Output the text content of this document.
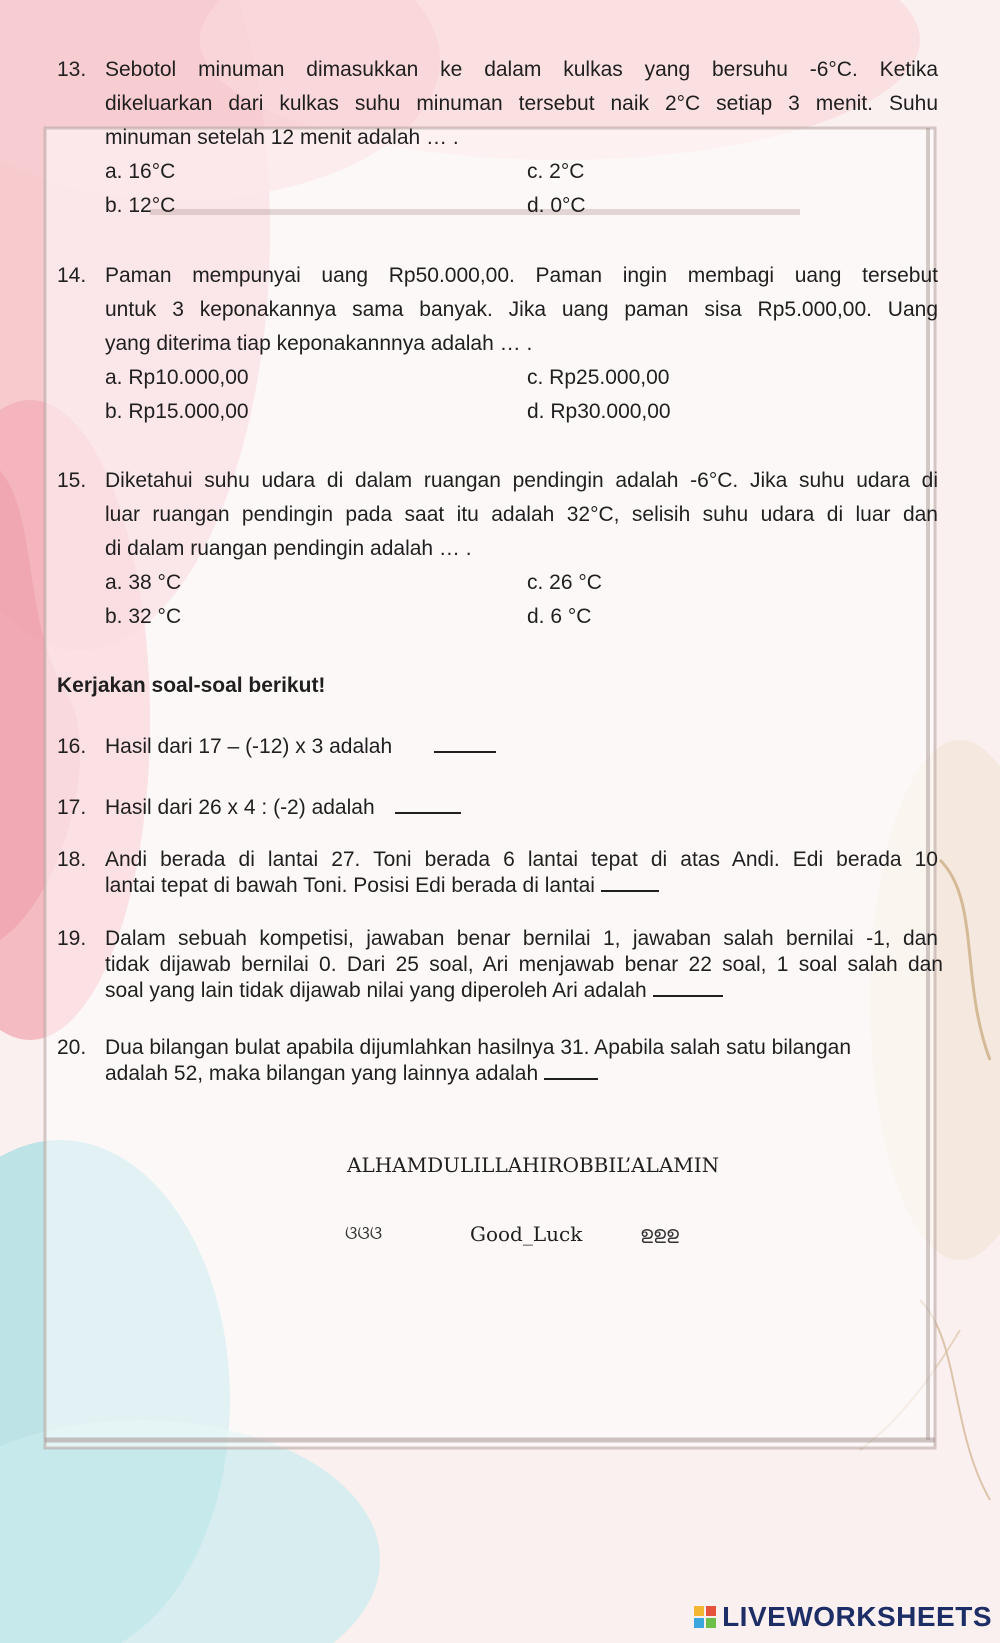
13. Sebotol minuman dimasukkan ke dalam kulkas yang bersuhu -6°C. Ketika
dikeluarkan dari kulkas suhu minuman tersebut naik 2°C setiap 3 menit. Suhu
minuman setelah 12 menit adalah … .
a. 16°C	c. 2°C
b. 12°C	d. 0°C
14. Paman mempunyai uang Rp50.000,00. Paman ingin membagi uang tersebut
untuk 3 keponakannya sama banyak. Jika uang paman sisa Rp5.000,00. Uang
yang diterima tiap keponakannnya adalah … .
a. Rp10.000,00	c. Rp25.000,00
b. Rp15.000,00	d. Rp30.000,00
15. Diketahui suhu udara di dalam ruangan pendingin adalah -6°C. Jika suhu udara di
luar ruangan pendingin pada saat itu adalah 32°C, selisih suhu udara di luar dan
di dalam ruangan pendingin adalah … .
a. 38 °C	c. 26 °C
b. 32 °C	d. 6 °C
Kerjakan soal-soal berikut!
16. Hasil dari 17 – (-12) x 3 adalah
17. Hasil dari 26 x 4 : (-2) adalah
18. Andi berada di lantai 27. Toni berada 6 lantai tepat di atas Andi. Edi berada 10
lantai tepat di bawah Toni. Posisi Edi berada di lantai
19. Dalam sebuah kompetisi, jawaban benar bernilai 1, jawaban salah bernilai -1, dan
tidak dijawab bernilai 0. Dari 25 soal, Ari menjawab benar 22 soal, 1 soal salah dan
soal yang lain tidak dijawab nilai yang diperoleh Ari adalah
20. Dua bilangan bulat apabila dijumlahkan hasilnya 31. Apabila salah satu bilangan
adalah 52, maka bilangan yang lainnya adalah
ALHAMDULILLAHIROBBIL’ALAMIN
ଓଓଓ	Good_Luck	ഉഉഉ
LIVEWORKSHEETS
